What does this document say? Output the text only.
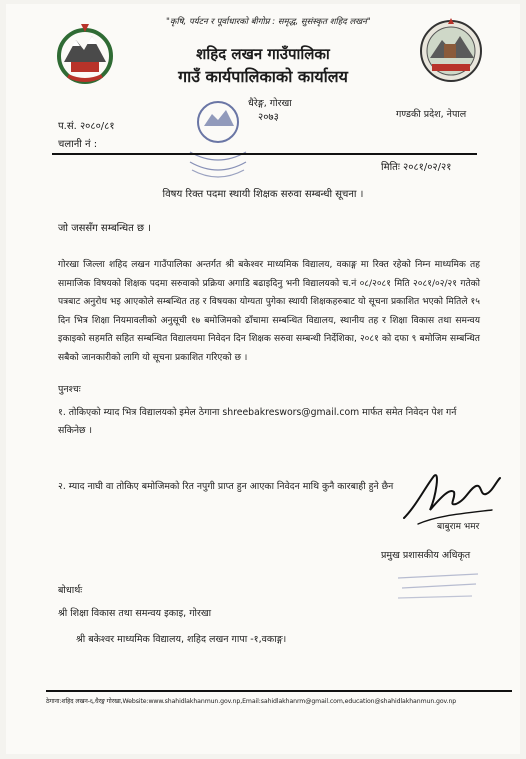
"कृषि, पर्यटन र पूर्वाधारको बीगोप्न : समृद्ध, सुसंस्कृत शहिद लखन"
शहिद लखन गाउँपालिका
गाउँ कार्यपालिकाको कार्यालय
धैरेङ्ग, गोरखा
२०७३
प.सं. २०८०/८१
चलानी नं :
गण्डकी प्रदेश, नेपाल
मितिः २०८१/०२/२१
विषय रिक्त पदमा स्थायी शिक्षक सरुवा सम्बन्धी सूचना ।
जो जससँग सम्बन्धित छ ।
गोरखा जिल्ला शहिद लखन गाउँपालिका अन्तर्गत श्री बकेश्वर माध्यमिक विद्यालय, वकाङ्ग मा रिक्त रहेको निम्न माध्यमिक तह सामाजिक विषयको शिक्षक पदमा सरुवाको प्रक्रिया अगाडि बढाइदिनु भनी विद्यालयको च.नं ०८/२०८१ मिति २०८१/०२/२१ गतेको पत्रबाट अनुरोध भइ आएकोले सम्बन्धित तह र विषयका योग्यता पुगेका स्थायी शिक्षकहरुबाट यो सूचना प्रकाशित भएको मितिले १५ दिन भित्र शिक्षा नियमावलीको अनुसूची १७ बमोजिमको ढाँचामा सम्बन्धित विद्यालय, स्थानीय तह र शिक्षा विकास तथा समन्वय इकाइको सहमति सहित सम्बन्धित विद्यालयमा निवेदन दिन शिक्षक सरुवा सम्बन्धी निर्देशिका, २०८१ को दफा ९ बमोजिम सम्बन्धित सबैको जानकारीको लागि यो सूचना प्रकाशित गरिएको छ ।
पुनश्चः
१. तोकिएको म्याद भित्र विद्यालयको इमेल ठेगाना shreebakreswors@gmail.com मार्फत समेत निवेदन पेश गर्न सकिनेछ ।
२. म्याद नाघी वा तोकिए बमोजिमको रित नपुगी प्राप्त हुन आएका निवेदन माथि कुनै कारबाही हुने छैन
बाबुराम भमर
प्रमुख प्रशासकीय अधिकृत
बोधार्थः
श्री शिक्षा विकास तथा समन्वय इकाइ, गोरखा
श्री बकेश्वर माध्यमिक विद्यालय, शहिद लखन गापा -१,वकाङ्ग।
ठेगाना:शहिद लखन-६,धैरङ्ग गोरखा,Website:www.shahidlakhanmun.gov.np,Email:sahidlakhanrm@gmail.com,education@shahidlakhanmun.gov.np
